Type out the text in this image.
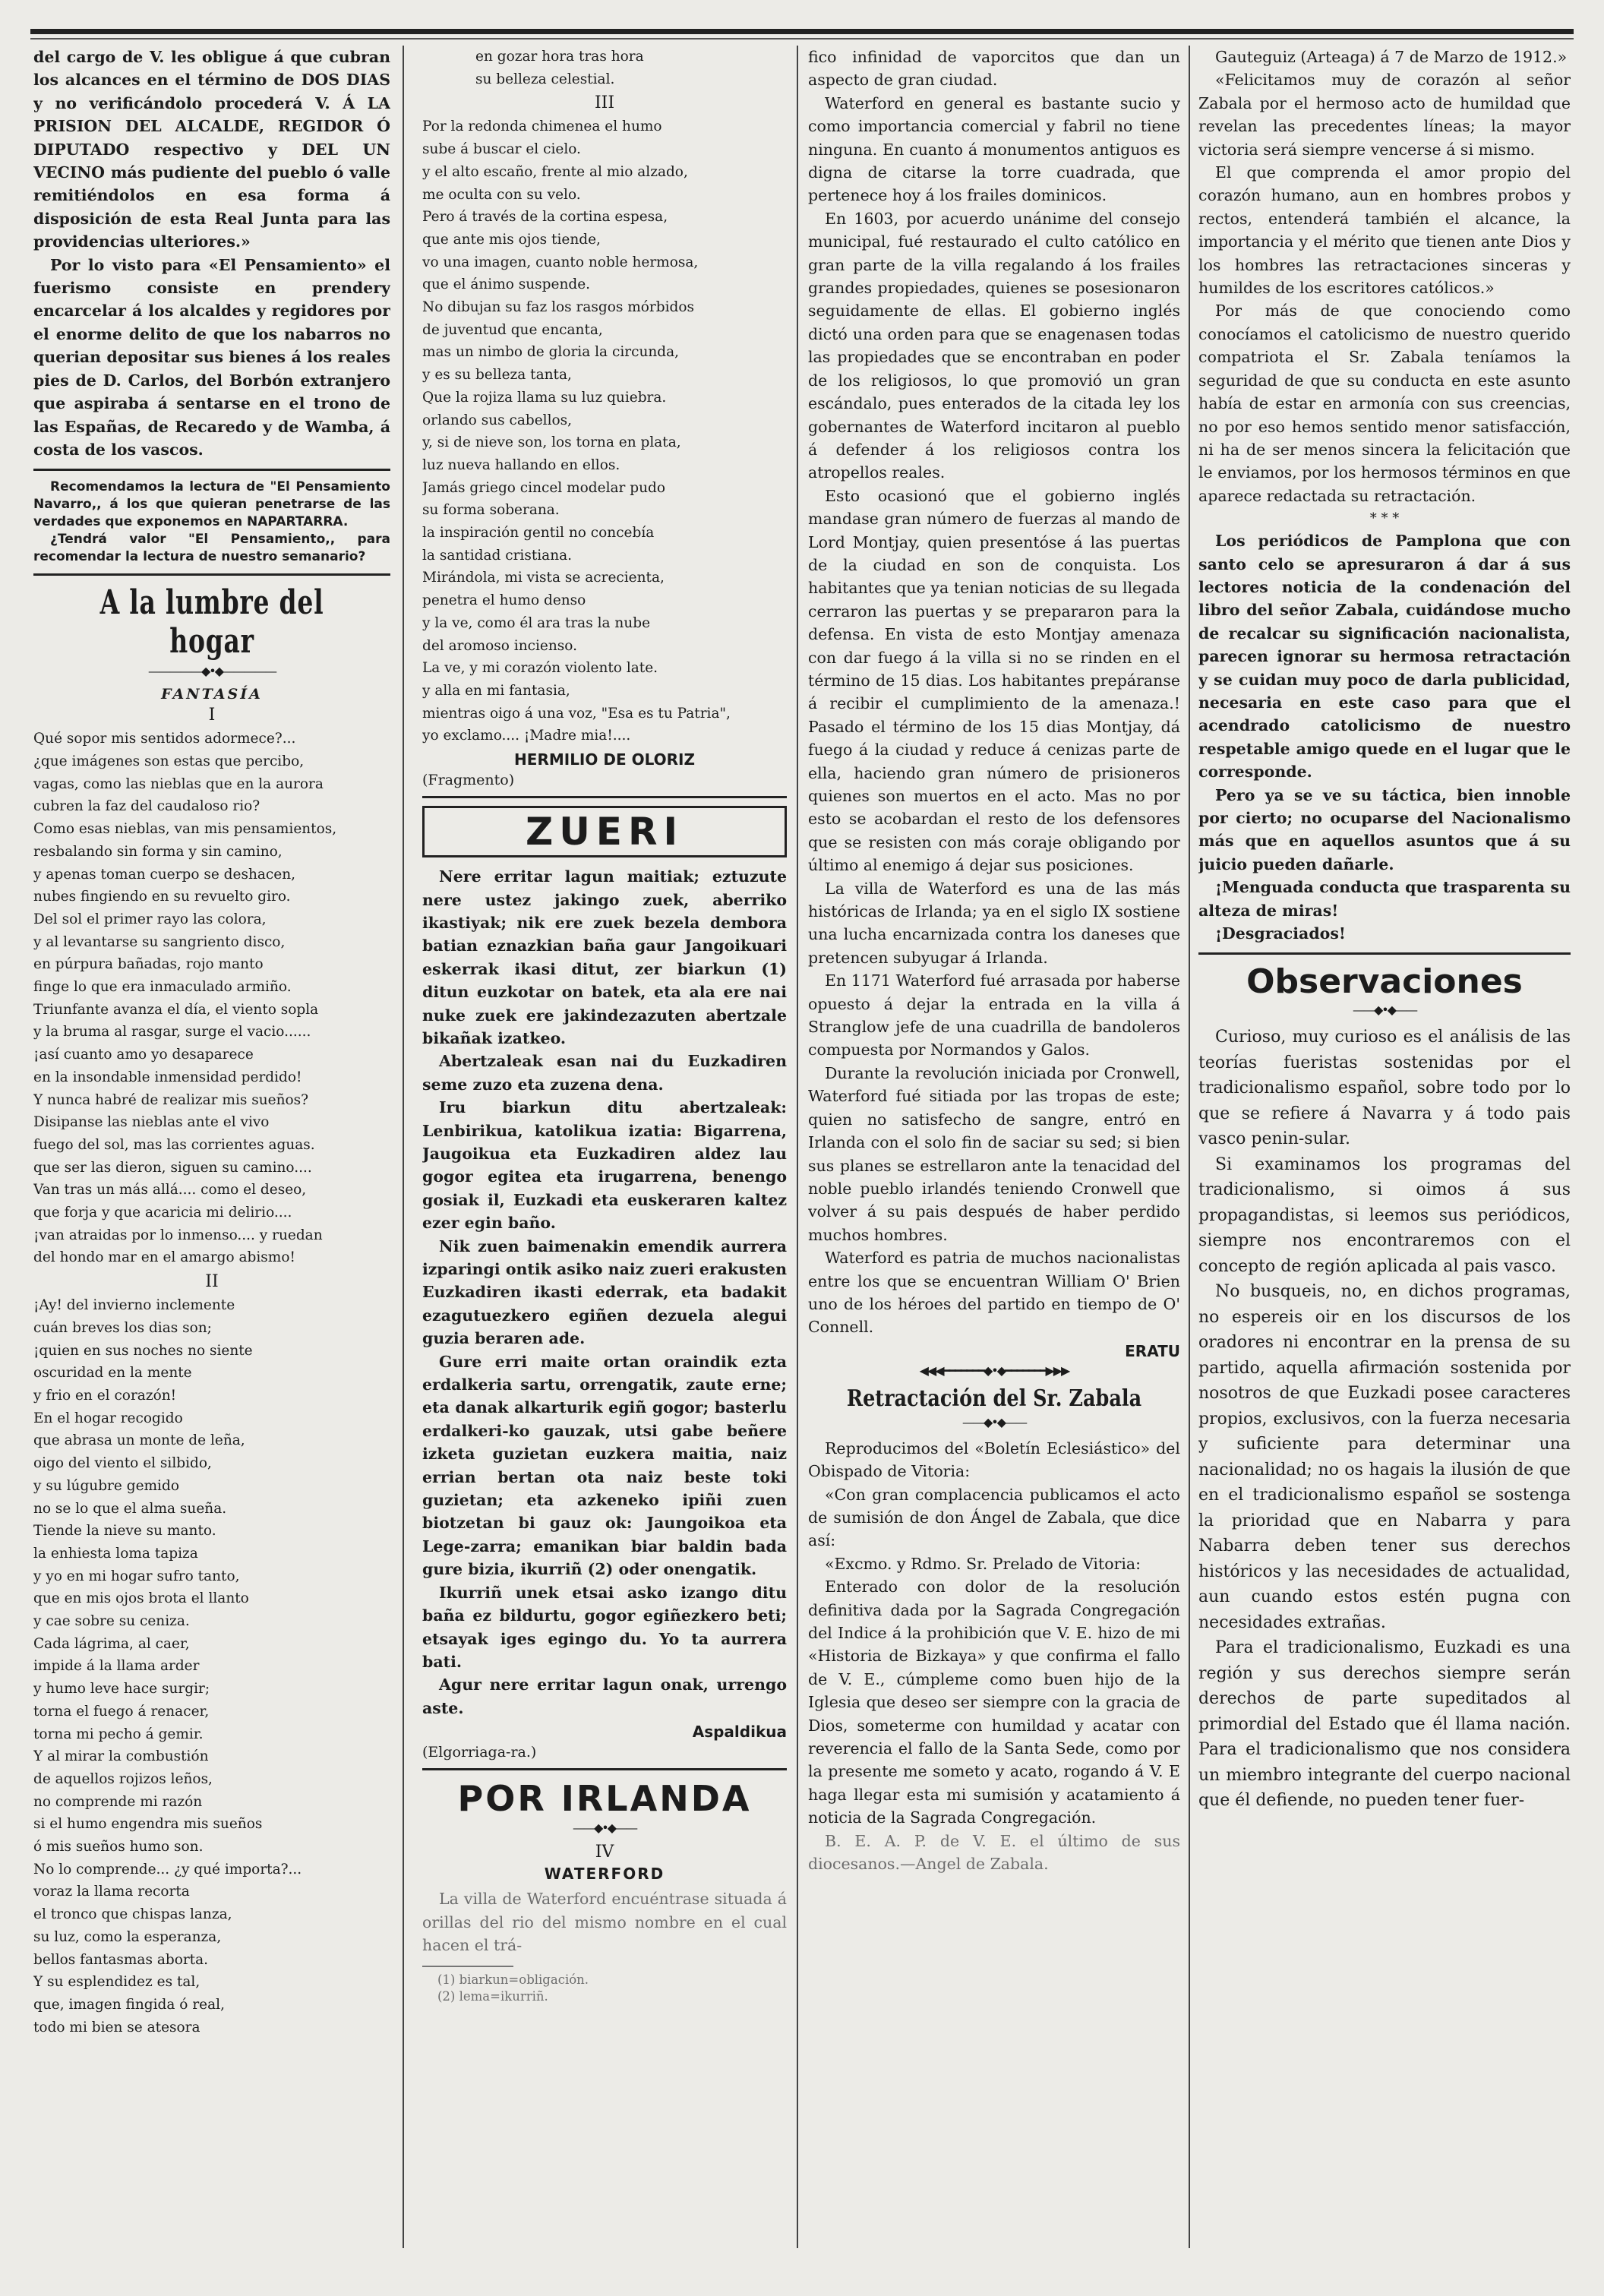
del cargo de V. les obligue á que cubran los alcances en el término de DOS DIAS y no verificándolo procederá V. Á LA PRISION DEL ALCALDE, REGIDOR Ó DIPUTADO respectivo y DEL UN VECINO más pudiente del pueblo ó valle remitiéndolos en esa forma á disposición de esta Real Junta para las providencias ulteriores.»

Por lo visto para «El Pensamiento» el fuerismo consiste en prendery encarcelar á los alcaldes y regidores por el enorme delito de que los nabarros no querian depositar sus bienes á los reales pies de D. Carlos, del Borbón extranjero que aspiraba á sentarse en el trono de las Españas, de Recaredo y de Wamba, á costa de los vascos.

Recomendamos la lectura de "El Pensamiento Navarro,, á los que quieran penetrarse de las verdades que exponemos en NAPARTARRA.

¿Tendrá valor "El Pensamiento,, para recomendar la lectura de nuestro semanario?

A la lumbre del hogar
—————◆•◆—————
FANTASÍA
I

Qué sopor mis sentidos adormece?...
¿que imágenes son estas que percibo,
vagas, como las nieblas que en la aurora
cubren la faz del caudaloso rio?
Como esas nieblas, van mis pensamientos,
resbalando sin forma y sin camino,
y apenas toman cuerpo se deshacen,
nubes fingiendo en su revuelto giro.
Del sol el primer rayo las colora,
y al levantarse su sangriento disco,
en púrpura bañadas, rojo manto
finge lo que era inmaculado armiño.
Triunfante avanza el día, el viento sopla
y la bruma al rasgar, surge el vacio......
¡así cuanto amo yo desaparece
en la insondable inmensidad perdido!
Y nunca habré de realizar mis sueños?
Disipanse las nieblas ante el vivo
fuego del sol, mas las corrientes aguas.
que ser las dieron, siguen su camino....
Van tras un más allá.... como el deseo,
que forja y que acaricia mi delirio....
¡van atraidas por lo inmenso.... y ruedan
del hondo mar en el amargo abismo!

II

¡Ay! del invierno inclemente
cuán breves los dias son;
¡quien en sus noches no siente
oscuridad en la mente
y frio en el corazón!
En el hogar recogido
que abrasa un monte de leña,
oigo del viento el silbido,
y su lúgubre gemido
no se lo que el alma sueña.
Tiende la nieve su manto.
la enhiesta loma tapiza
y yo en mi hogar sufro tanto,
que en mis ojos brota el llanto
y cae sobre su ceniza.
Cada lágrima, al caer,
impide á la llama arder
y humo leve hace surgir;
torna el fuego á renacer,
torna mi pecho á gemir.
Y al mirar la combustión
de aquellos rojizos leños,
no comprende mi razón
si el humo engendra mis sueños
ó mis sueños humo son.
No lo comprende... ¿y qué importa?...
voraz la llama recorta
el tronco que chispas lanza,
su luz, como la esperanza,
bellos fantasmas aborta.
Y su esplendidez es tal,
que, imagen fingida ó real,
todo mi bien se atesora

en gozar hora tras hora
su belleza celestial.

III

Por la redonda chimenea el humo
sube á buscar el cielo.
y el alto escaño, frente al mio alzado,
me oculta con su velo.
Pero á través de la cortina espesa,
que ante mis ojos tiende,
vo una imagen, cuanto noble hermosa,
que el ánimo suspende.
No dibujan su faz los rasgos mórbidos
de juventud que encanta,
mas un nimbo de gloria la circunda,
y es su belleza tanta,
Que la rojiza llama su luz quiebra.
orlando sus cabellos,
y, si de nieve son, los torna en plata,
luz nueva hallando en ellos.
Jamás griego cincel modelar pudo
su forma soberana.
la inspiración gentil no concebía
la santidad cristiana.
Mirándola, mi vista se acrecienta,
penetra el humo denso
y la ve, como él ara tras la nube
del aromoso incienso.
La ve, y mi corazón violento late.
y alla en mi fantasia,
mientras oigo á una voz, "Esa es tu Patria",
yo exclamo.... ¡Madre mia!....

HERMILIO DE OLORIZ
(Fragmento)
ZUERI

Nere erritar lagun maitiak; eztuzute nere ustez jakingo zuek, aberriko ikastiyak; nik ere zuek bezela dembora batian eznazkian baña gaur Jangoikuari eskerrak ikasi ditut, zer biarkun (1) ditun euzkotar on batek, eta ala ere nai nuke zuek ere jakindezazuten abertzale bikañak izatkeo.

Abertzaleak esan nai du Euzkadiren seme zuzo eta zuzena dena.

Iru biarkun ditu abertzaleak: Lenbirikua, katolikua izatia: Bigarrena, Jaugoikua eta Euzkadiren aldez lau gogor egitea eta irugarrena, benengo gosiak il, Euzkadi eta euskeraren kaltez ezer egin baño.

Nik zuen baimenakin emendik aurrera izparingi ontik asiko naiz zueri erakusten Euzkadiren ikasti ederrak, eta badakit ezagutuezkero egiñen dezuela alegui guzia beraren ade.

Gure erri maite ortan oraindik ezta erdalkeria sartu, orrengatik, zaute erne; eta danak alkarturik egiñ gogor; basterlu erdalkeri-ko gauzak, utsi gabe beñere izketa guzietan euzkera maitia, naiz errian bertan ota naiz beste toki guzietan; eta azkeneko ipiñi zuen biotzetan bi gauz ok: Jaungoikoa eta Lege-zarra; emanikan biar baldin bada gure bizia, ikurriñ (2) oder onengatik.

Ikurriñ unek etsai asko izango ditu baña ez bildurtu, gogor egiñezkero beti; etsayak iges egingo du. Yo ta aurrera bati.

Agur nere erritar lagun onak, urrengo aste.

Aspaldikua
(Elgorriaga-ra.)
POR IRLANDA
——◆•◆——
IV
WATERFORD

La villa de Waterford encuéntrase situada á orillas del rio del mismo nombre en el cual hacen el trá-

(1) biarkun=obligación.

(2) lema=ikurriñ.

fico infinidad de vaporcitos que dan un aspecto de gran ciudad.

Waterford en general es bastante sucio y como importancia comercial y fabril no tiene ninguna. En cuanto á monumentos antiguos es digna de citarse la torre cuadrada, que pertenece hoy á los frailes dominicos.

En 1603, por acuerdo unánime del consejo municipal, fué restaurado el culto católico en gran parte de la villa regalando á los frailes grandes propiedades, quienes se posesionaron seguidamente de ellas. El gobierno inglés dictó una orden para que se enagenasen todas las propiedades que se encontraban en poder de los religiosos, lo que promovió un gran escándalo, pues enterados de la citada ley los gobernantes de Waterford incitaron al pueblo á defender á los religiosos contra los atropellos reales.

Esto ocasionó que el gobierno inglés mandase gran número de fuerzas al mando de Lord Montjay, quien presentóse á las puertas de la ciudad en son de conquista. Los habitantes que ya tenian noticias de su llegada cerraron las puertas y se prepararon para la defensa. En vista de esto Montjay amenaza con dar fuego á la villa si no se rinden en el término de 15 dias. Los habitantes prepáranse á recibir el cumplimiento de la amenaza.! Pasado el término de los 15 dias Montjay, dá fuego á la ciudad y reduce á cenizas parte de ella, haciendo gran número de prisioneros quienes son muertos en el acto. Mas no por esto se acobardan el resto de los defensores que se resisten con más coraje obligando por último al enemigo á dejar sus posiciones.

La villa de Waterford es una de las más históricas de Irlanda; ya en el siglo IX sostiene una lucha encarnizada contra los daneses que pretencen subyugar á Irlanda.

En 1171 Waterford fué arrasada por haberse opuesto á dejar la entrada en la villa á Stranglow jefe de una cuadrilla de bandoleros compuesta por Normandos y Galos.

Durante la revolución iniciada por Cronwell, Waterford fué sitiada por las tropas de este; quien no satisfecho de sangre, entró en Irlanda con el solo fin de saciar su sed; si bien sus planes se estrellaron ante la tenacidad del noble pueblo irlandés teniendo Cronwell que volver á su pais después de haber perdido muchos hombres.

Waterford es patria de muchos nacionalistas entre los que se encuentran William O' Brien uno de los héroes del partido en tiempo de O' Connell.

ERATU
◀◀◀━━━━━━━◆•◆━━━━━━━▶▶▶
Retractación del Sr. Zabala
——◆•◆——

Reproducimos del «Boletín Eclesiástico» del Obispado de Vitoria:

«Con gran complacencia publicamos el acto de sumisión de don Ángel de Zabala, que dice así:

«Excmo. y Rdmo. Sr. Prelado de Vitoria:

Enterado con dolor de la resolución definitiva dada por la Sagrada Congregación del Indice á la prohibición que V. E. hizo de mi «Historia de Bizkaya» y que confirma el fallo de V. E., cúmpleme como buen hijo de la Iglesia que deseo ser siempre con la gracia de Dios, someterme con humildad y acatar con reverencia el fallo de la Santa Sede, como por la presente me someto y acato, rogando á V. E haga llegar esta mi sumisión y acatamiento á noticia de la Sagrada Congregación.

B. E. A. P. de V. E. el último de sus diocesanos.—Angel de Zabala.

Gauteguiz (Arteaga) á 7 de Marzo de 1912.»

«Felicitamos muy de corazón al señor Zabala por el hermoso acto de humildad que revelan las precedentes líneas; la mayor victoria será siempre vencerse á si mismo.

El que comprenda el amor propio del corazón humano, aun en hombres probos y rectos, entenderá también el alcance, la importancia y el mérito que tienen ante Dios y los hombres las retractaciones sinceras y humildes de los escritores católicos.»

Por más de que conociendo como conocíamos el catolicismo de nuestro querido compatriota el Sr. Zabala teníamos la seguridad de que su conducta en este asunto había de estar en armonía con sus creencias, no por eso hemos sentido menor satisfacción, ni ha de ser menos sincera la felicitación que le enviamos, por los hermosos términos en que aparece redactada su retractación.

* * *

Los periódicos de Pamplona que con santo celo se apresuraron á dar á sus lectores noticia de la condenación del libro del señor Zabala, cuidándose mucho de recalcar su significación nacionalista, parecen ignorar su hermosa retractación y se cuidan muy poco de darla publicidad, necesaria en este caso para que el acendrado catolicismo de nuestro respetable amigo quede en el lugar que le corresponde.

Pero ya se ve su táctica, bien innoble por cierto; no ocuparse del Nacionalismo más que en aquellos asuntos que á su juicio pueden dañarle.

¡Menguada conducta que trasparenta su alteza de miras!

¡Desgraciados!

Observaciones
——◆•◆——

Curioso, muy curioso es el análisis de las teorías fueristas sostenidas por el tradicionalismo español, sobre todo por lo que se refiere á Navarra y á todo pais vasco penin-sular.

Si examinamos los programas del tradicionalismo, si oimos á sus propagandistas, si leemos sus periódicos, siempre nos encontraremos con el concepto de región aplicada al pais vasco.

No busqueis, no, en dichos programas, no espereis oir en los discursos de los oradores ni encontrar en la prensa de su partido, aquella afirmación sostenida por nosotros de que Euzkadi posee caracteres propios, exclusivos, con la fuerza necesaria y suficiente para determinar una nacionalidad; no os hagais la ilusión de que en el tradicionalismo español se sostenga la prioridad que en Nabarra y para Nabarra deben tener sus derechos históricos y las necesidades de actualidad, aun cuando estos estén pugna con necesidades extrañas.

Para el tradicionalismo, Euzkadi es una región y sus derechos siempre serán derechos de parte supeditados al primordial del Estado que él llama nación. Para el tradicionalismo que nos considera un miembro integrante del cuerpo nacional que él defiende, no pueden tener fuer-
